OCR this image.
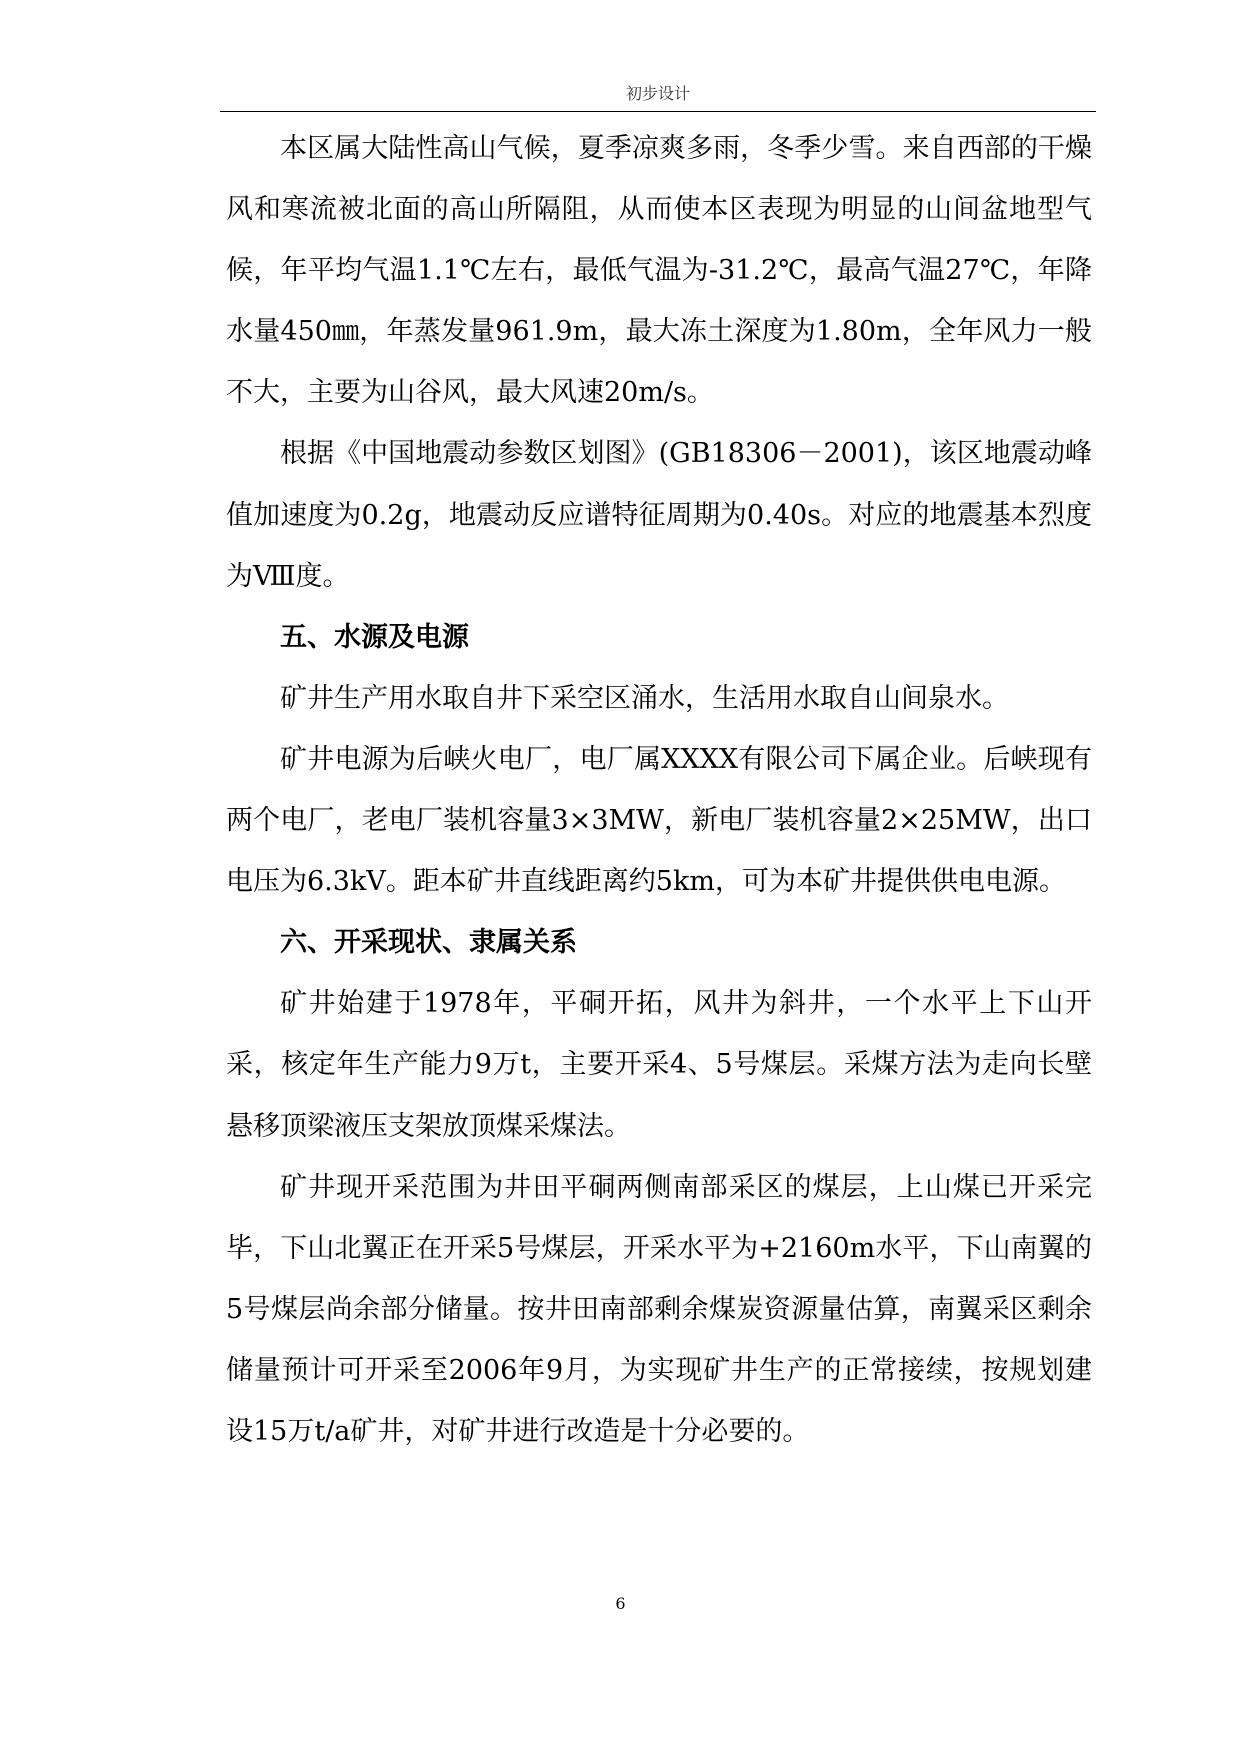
初步设计

本区属大陆性高山气候，夏季凉爽多雨，冬季少雪。来自西部的干燥风和寒流被北面的高山所隔阻，从而使本区表现为明显的山间盆地型气候，年平均气温1.1℃左右，最低气温为-31.2℃，最高气温27℃，年降水量450㎜，年蒸发量961.9m，最大冻土深度为1.80m，全年风力一般不大，主要为山谷风，最大风速20m/s。

根据《中国地震动参数区划图》(GB18306－2001)，该区地震动峰值加速度为0.2g，地震动反应谱特征周期为0.40s。对应的地震基本烈度为Ⅷ度。

五、水源及电源

矿井生产用水取自井下采空区涌水，生活用水取自山间泉水。

矿井电源为后峡火电厂，电厂属XXXX有限公司下属企业。后峡现有两个电厂，老电厂装机容量3×3MW，新电厂装机容量2×25MW，出口电压为6.3kV。距本矿井直线距离约5km，可为本矿井提供供电电源。

六、开采现状、隶属关系

矿井始建于1978年，平硐开拓，风井为斜井，一个水平上下山开采，核定年生产能力9万t，主要开采4、5号煤层。采煤方法为走向长壁悬移顶梁液压支架放顶煤采煤法。

矿井现开采范围为井田平硐两侧南部采区的煤层，上山煤已开采完毕，下山北翼正在开采5号煤层，开采水平为+2160m水平，下山南翼的5号煤层尚余部分储量。按井田南部剩余煤炭资源量估算，南翼采区剩余储量预计可开采至2006年9月，为实现矿井生产的正常接续，按规划建设15万t/a矿井，对矿井进行改造是十分必要的。

6
